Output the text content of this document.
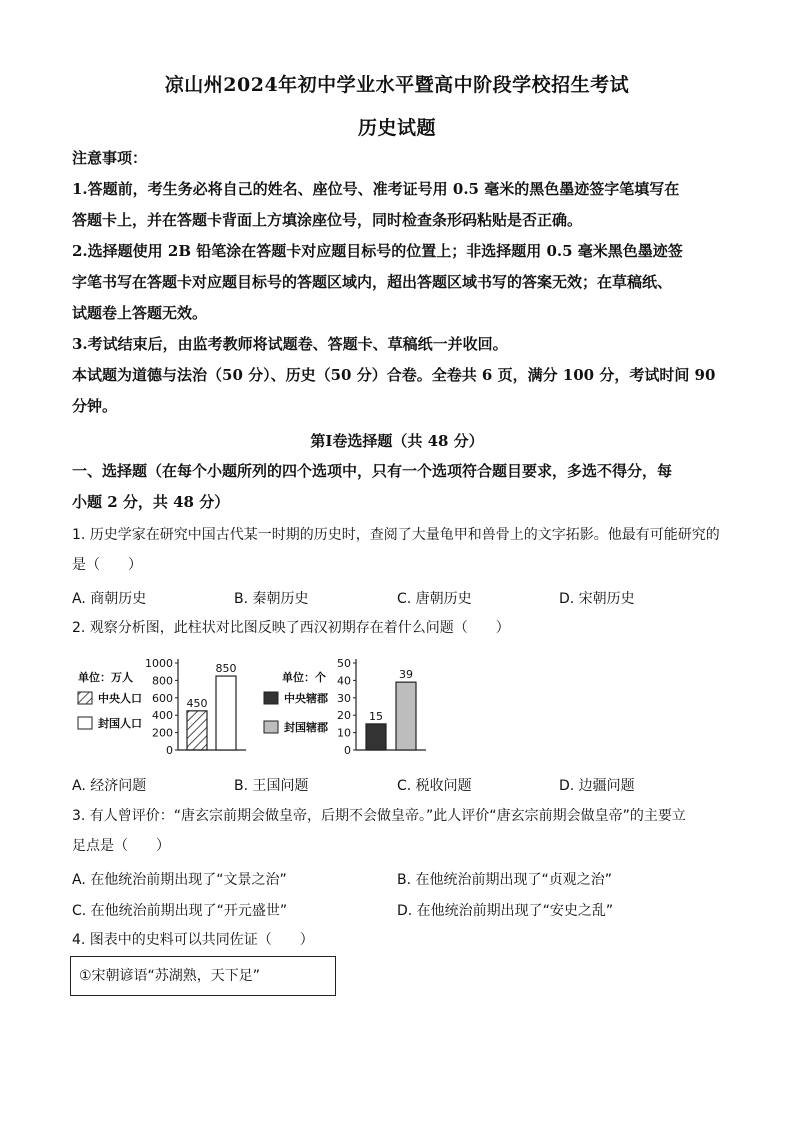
凉山州2024年初中学业水平暨高中阶段学校招生考试
历史试题
注意事项：
1.答题前，考生务必将自己的姓名、座位号、准考证号用 0.5 毫米的黑色墨迹签字笔填写在
答题卡上，并在答题卡背面上方填涂座位号，同时检查条形码粘贴是否正确。
2.选择题使用 2B 铅笔涂在答题卡对应题目标号的位置上；非选择题用 0.5 毫米黑色墨迹签
字笔书写在答题卡对应题目标号的答题区域内，超出答题区域书写的答案无效；在草稿纸、
试题卷上答题无效。
3.考试结束后，由监考教师将试题卷、答题卡、草稿纸一并收回。
本试题为道德与法治（50 分）、历史（50 分）合卷。全卷共 6 页，满分 100 分，考试时间 90
分钟。
第Ⅰ卷选择题（共 48 分）
一、选择题（在每个小题所列的四个选项中，只有一个选项符合题目要求，多选不得分，每
小题 2 分，共 48 分）
1. 历史学家在研究中国古代某一时期的历史时，查阅了大量龟甲和兽骨上的文字拓影。他最有可能研究的
是（　　）
A. 商朝历史	B. 秦朝历史	C. 唐朝历史	D. 宋朝历史
2. 观察分析图，此柱状对比图反映了西汉初期存在着什么问题（　　）
单位：万人
中央人口
封国人口
0
200
400
600
800
1000
450
850
单位：个
中央辖郡
封国辖郡
0
10
20
30
40
50
15
39
A. 经济问题	B. 王国问题	C. 税收问题	D. 边疆问题
3. 有人曾评价：“唐玄宗前期会做皇帝，后期不会做皇帝。”此人评价“唐玄宗前期会做皇帝”的主要立
足点是（　　）
A. 在他统治前期出现了“文景之治”	B. 在他统治前期出现了“贞观之治”
C. 在他统治前期出现了“开元盛世”	D. 在他统治前期出现了“安史之乱”
4. 图表中的史料可以共同佐证（　　）
①宋朝谚语“苏湖熟，天下足”
